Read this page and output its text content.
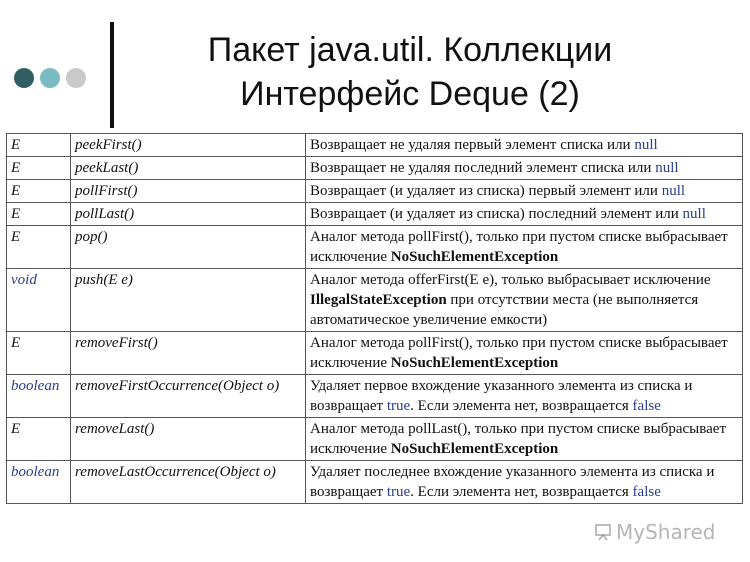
Пакет java.util. Коллекции
Интерфейс Deque (2)
E	peekFirst()	Возвращает не удаляя первый элемент списка или null
E	peekLast()	Возвращает не удаляя последний элемент списка или null
E	pollFirst()	Возвращает (и удаляет из списка) первый элемент или null
E	pollLast()	Возвращает (и удаляет из списка) последний элемент или null
E	pop()	Аналог метода pollFirst(), только при пустом списке выбрасывает исключение NoSuchElementException
void	push(E e)	Аналог метода offerFirst(E e), только выбрасывает исключение IllegalStateException при отсутствии места (не выполняется автоматическое увеличение емкости)
E	removeFirst()	Аналог метода pollFirst(), только при пустом списке выбрасывает исключение NoSuchElementException
boolean	removeFirstOccurrence(Object o)	Удаляет первое вхождение указанного элемента из списка и возвращает true. Если элемента нет, возвращается false
E	removeLast()	Аналог метода pollLast(), только при пустом списке выбрасывает исключение NoSuchElementException
boolean	removeLastOccurrence(Object o)	Удаляет последнее вхождение указанного элемента из списка и возвращает true. Если элемента нет, возвращается false
MyShared
